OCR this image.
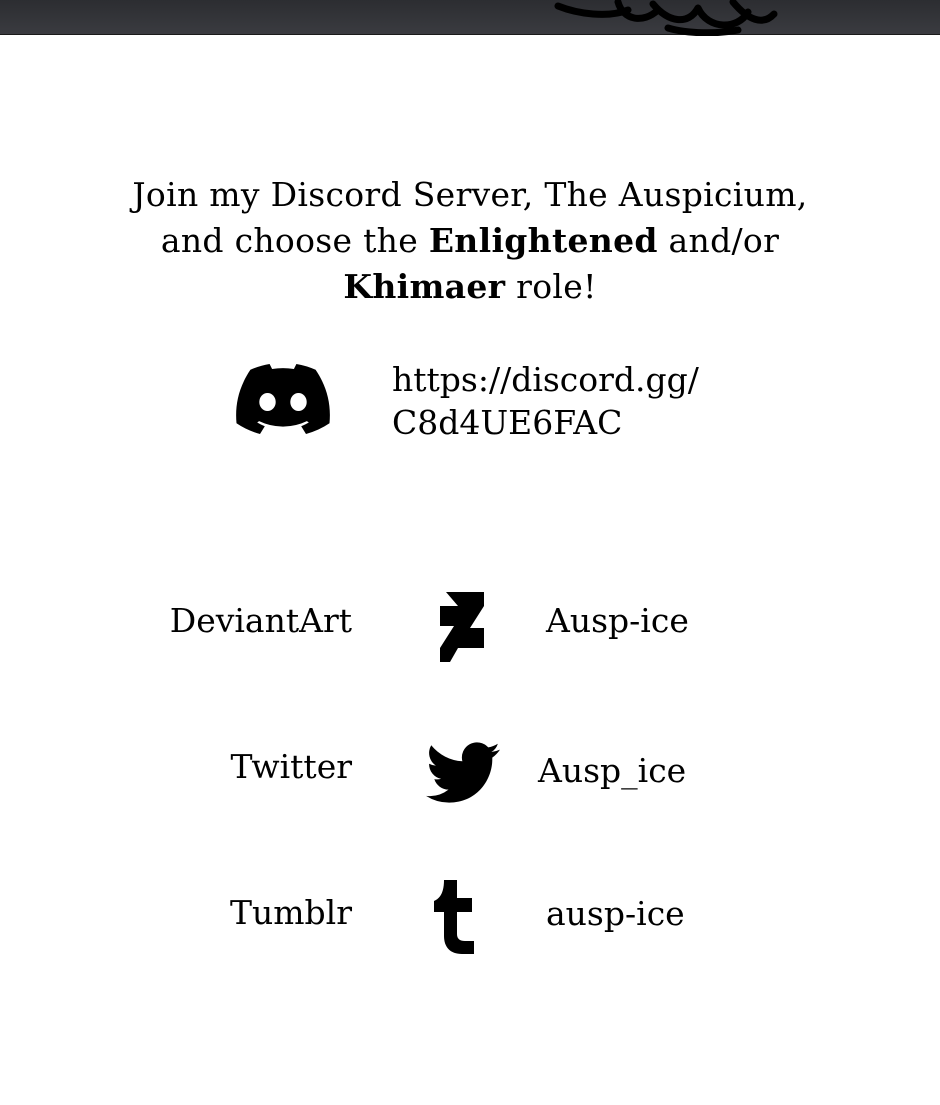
Join my Discord Server, The Auspicium,
and choose the Enlightened and/or
Khimaer role!
https://discord.gg/
C8d4UE6FAC
DeviantArt	Ausp-ice
Twitter	Ausp_ice
Tumblr	ausp-ice
